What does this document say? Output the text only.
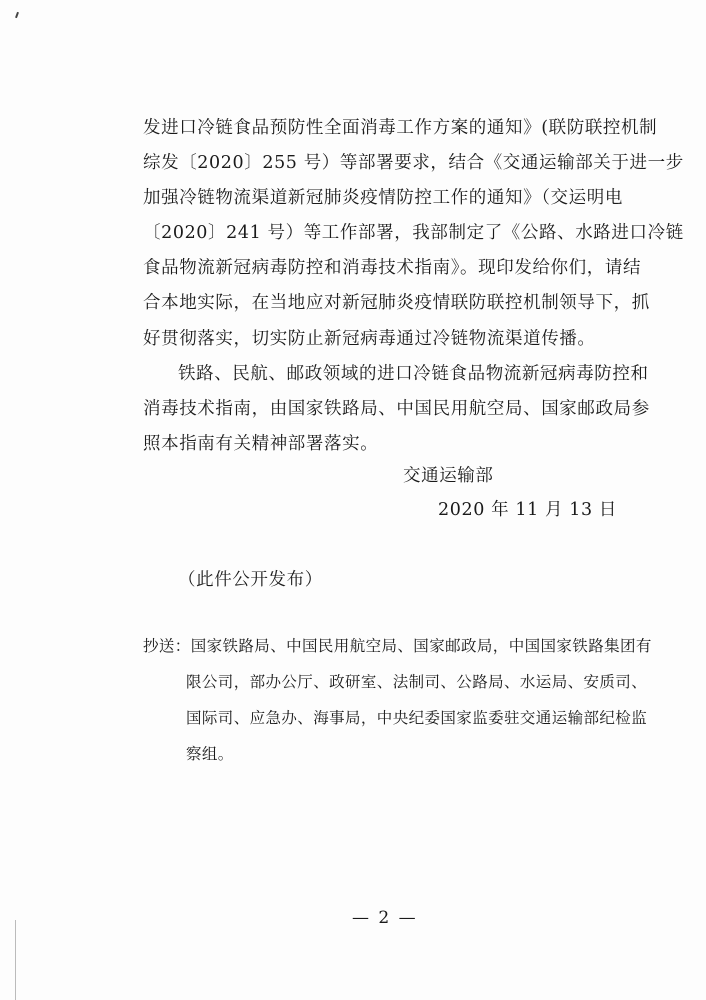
发进口冷链食品预防性全面消毒工作方案的通知》(联防联控机制
综发〔2020〕255 号）等部署要求，结合《交通运输部关于进一步
加强冷链物流渠道新冠肺炎疫情防控工作的通知》（交运明电
〔2020〕241 号）等工作部署，我部制定了《公路、水路进口冷链
食品物流新冠病毒防控和消毒技术指南》。现印发给你们，请结
合本地实际，在当地应对新冠肺炎疫情联防联控机制领导下，抓
好贯彻落实，切实防止新冠病毒通过冷链物流渠道传播。
铁路、民航、邮政领域的进口冷链食品物流新冠病毒防控和
消毒技术指南，由国家铁路局、中国民用航空局、国家邮政局参
照本指南有关精神部署落实。
交通运输部
2020 年 11 月 13 日
（此件公开发布）
抄送：国家铁路局、中国民用航空局、国家邮政局，中国国家铁路集团有
限公司，部办公厅、政研室、法制司、公路局、水运局、安质司、
国际司、应急办、海事局，中央纪委国家监委驻交通运输部纪检监
察组。
— 2 —
